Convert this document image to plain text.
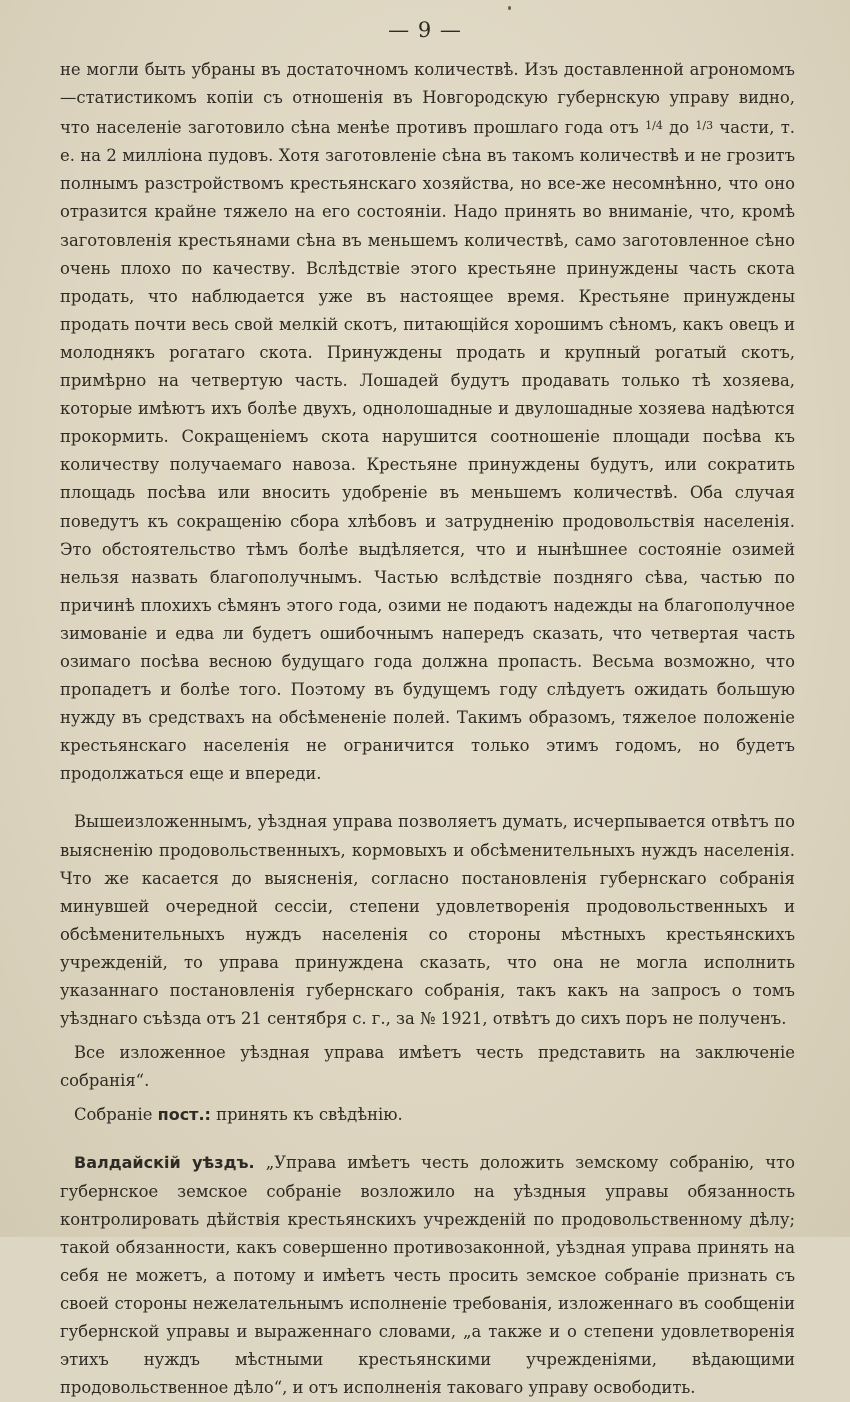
— 9 —

не могли быть убраны въ достаточномъ количествѣ. Изъ доставленной агрономомъ—статистикомъ копіи съ отношенія въ Новгородскую губернскую управу видно, что населеніе заготовило сѣна менѣе противъ прошлаго года отъ $^{1/4}$ до $^{1/3}$ части, т. е. на 2 милліона пудовъ. Хотя заготовленіе сѣна въ такомъ количествѣ и не грозитъ полнымъ разстройствомъ крестьянскаго хозяйства, но все-же несомнѣнно, что оно отразится крайне тяжело на его состояніи. Надо принять во вниманіе, что, кромѣ заготовленія крестьянами сѣна въ меньшемъ количествѣ, само заготовленное сѣно очень плохо по качеству. Вслѣдствіе этого крестьяне принуждены часть скота продать, что наблюдается уже въ настоящее время. Крестьяне принуждены продать почти весь свой мелкій скотъ, питающійся хорошимъ сѣномъ, какъ овецъ и молоднякъ рогатаго скота. Принуждены продать и крупный рогатый скотъ, примѣрно на четвертую часть. Лошадей будутъ продавать только тѣ хозяева, которые имѣютъ ихъ болѣе двухъ, однолошадные и двулошадные хозяева надѣются прокормить. Сокращеніемъ скота нарушится соотношеніе площади посѣва къ количеству получаемаго навоза. Крестьяне принуждены будутъ, или сократить площадь посѣва или вносить удобреніе въ меньшемъ количествѣ. Оба случая поведутъ къ сокращенію сбора хлѣбовъ и затрудненію продовольствія населенія. Это обстоятельство тѣмъ болѣе выдѣляется, что и нынѣшнее состояніе озимей нельзя назвать благополучнымъ. Частью вслѣдствіе поздняго сѣва, частью по причинѣ плохихъ сѣмянъ этого года, озими не подаютъ надежды на благополучное зимованіе и едва ли будетъ ошибочнымъ напередъ сказать, что четвертая часть озимаго посѣва весною будущаго года должна пропасть. Весьма возможно, что пропадетъ и болѣе того. Поэтому въ будущемъ году слѣдуетъ ожидать большую нужду въ средствахъ на обсѣмененіе полей. Такимъ образомъ, тяжелое положеніе крестьянскаго населенія не ограничится только этимъ годомъ, но будетъ продолжаться еще и впереди.

Вышеизложеннымъ, уѣздная управа позволяетъ думать, исчерпывается отвѣтъ по выясненію продовольственныхъ, кормовыхъ и обсѣменительныхъ нуждъ населенія. Что же касается до выясненія, согласно постановленія губернскаго собранія минувшей очередной сессіи, степени удовлетворенія продовольственныхъ и обсѣменительныхъ нуждъ населенія со стороны мѣстныхъ крестьянскихъ учрежденій, то управа принуждена сказать, что она не могла исполнить указаннаго постановленія губернскаго собранія, такъ какъ на запросъ о томъ уѣзднаго съѣзда отъ 21 сентября с. г., за № 1921, отвѣтъ до сихъ поръ не полученъ.

Все изложенное уѣздная управа имѣетъ честь представить на заключеніе собранія“.

Собраніе пост.: принять къ свѣдѣнію.

Валдайскій уѣздъ. „Управа имѣетъ честь доложить земскому собранію, что губернское земское собраніе возложило на уѣздныя управы обязанность контролировать дѣйствія крестьянскихъ учрежденій по продовольственному дѣлу; такой обязанности, какъ совершенно противозаконной, уѣздная управа принять на себя не можетъ, а потому и имѣетъ честь просить земское собраніе признать съ своей стороны нежелательнымъ исполненіе требованія, изложеннаго въ сообщеніи губернской управы и выраженнаго словами, „а также и о степени удовлетворенія этихъ нуждъ мѣстными крестьянскими учрежденіями, вѣдающими продовольственное дѣло“, и отъ исполненія таковаго управу освободить.
